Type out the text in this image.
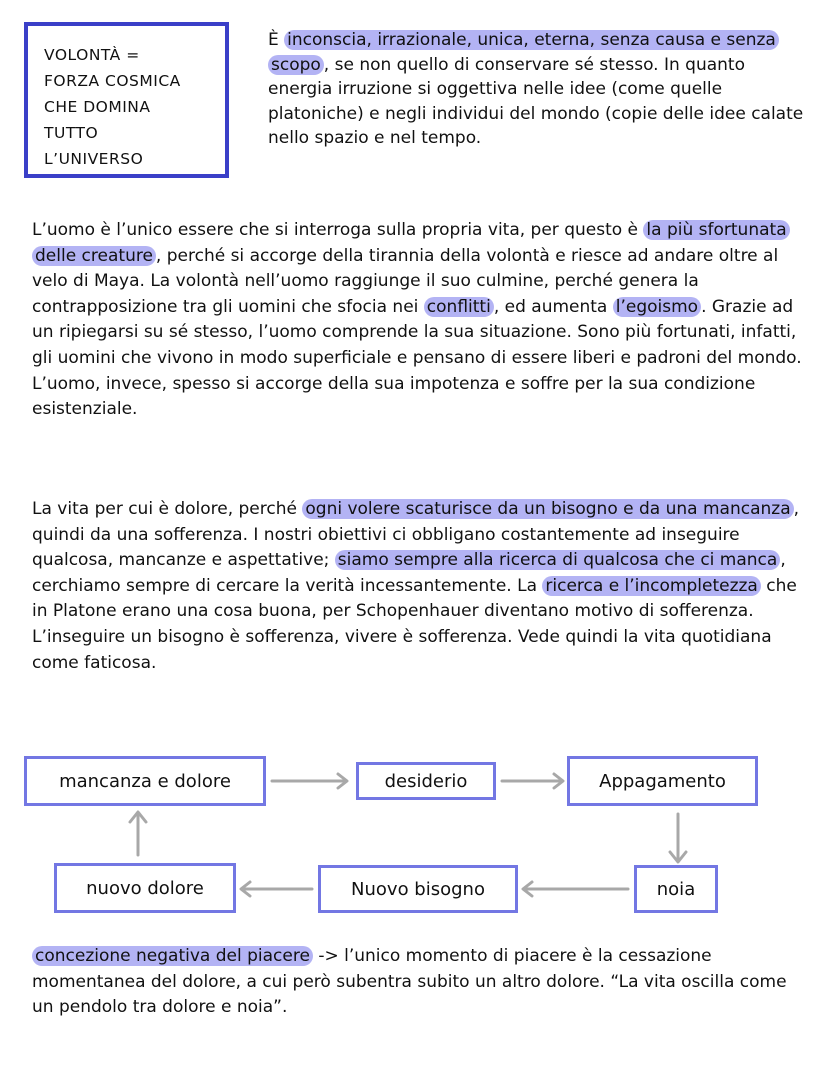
VOLONTÀ =
FORZA COSMICA
CHE DOMINA
TUTTO
L’UNIVERSO
È inconscia, irrazionale, unica, eterna, senza causa e senza scopo , se non quello di conservare sé stesso. In quanto energia irruzione si oggettiva nelle idee (come quelle platoniche) e negli individui del mondo (copie delle idee calate nello spazio e nel tempo.
L’uomo è l’unico essere che si interroga sulla propria vita, per questo è la più sfortunata delle creature , perché si accorge della tirannia della volontà e riesce ad andare oltre al velo di Maya. La volontà nell’uomo raggiunge il suo culmine, perché genera la contrapposizione tra gli uomini che sfocia nei conflitti , ed aumenta l’egoismo . Grazie ad un ripiegarsi su sé stesso, l’uomo comprende la sua situazione. Sono più fortunati, infatti, gli uomini che vivono in modo superficiale e pensano di essere liberi e padroni del mondo. L’uomo, invece, spesso si accorge della sua impotenza e soffre per la sua condizione esistenziale.
La vita per cui è dolore, perché ogni volere scaturisce da un bisogno e da una mancanza , quindi da una sofferenza. I nostri obiettivi ci obbligano costantemente ad inseguire qualcosa, mancanze e aspettative; siamo sempre alla ricerca di qualcosa che ci manca , cerchiamo sempre di cercare la verità incessantemente. La ricerca e l’incompletezza che in Platone erano una cosa buona, per Schopenhauer diventano motivo di sofferenza. L’inseguire un bisogno è sofferenza, vivere è sofferenza. Vede quindi la vita quotidiana come faticosa.
mancanza e dolore	desiderio	Appagamento
noia
Nuovo bisogno
nuovo dolore
concezione negativa del piacere -> l’unico momento di piacere è la cessazione momentanea del dolore, a cui però subentra subito un altro dolore. “La vita oscilla come un pendolo tra dolore e noia”.
